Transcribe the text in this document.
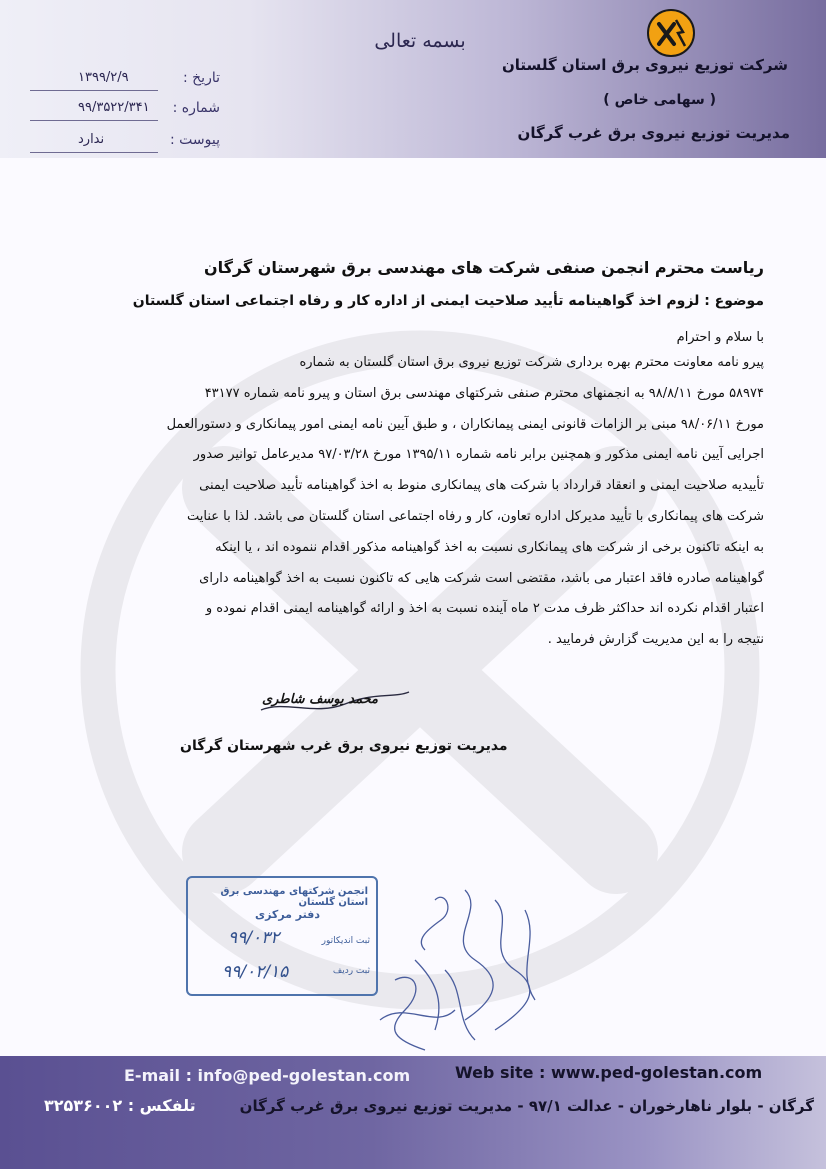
بسمه تعالی
شرکت توزیع نیروی برق استان گلستان
( سهامی خاص )
مدیریت توزیع نیروی برق غرب گرگان
تاریخ :
۱۳۹۹/۲/۹
شماره :
۹۹/۳۵۲۲/۳۴۱
پیوست :
ندارد
ریاست محترم انجمن صنفی شرکت های مهندسی برق شهرستان گرگان
موضوع : لزوم اخذ گواهینامه تأیید صلاحیت ایمنی از اداره کار و رفاه اجتماعی استان گلستان
با سلام و احترام
پیرو نامه معاونت محترم بهره برداری شرکت توزیع نیروی برق استان گلستان به شماره
۵۸۹۷۴ مورخ ۹۸/۸/۱۱ به انجمنهای محترم صنفی شرکتهای مهندسی برق استان و پیرو نامه شماره ۴۳۱۷۷
مورخ ۹۸/۰۶/۱۱ مبنی بر الزامات قانونی ایمنی پیمانکاران ، و طبق آیین نامه ایمنی امور پیمانکاری و دستورالعمل
اجرایی آیین نامه ایمنی مذکور و همچنین برابر نامه شماره ۱۳۹۵/۱۱ مورخ ۹۷/۰۳/۲۸ مدیرعامل توانیر صدور
تأییدیه صلاحیت ایمنی و انعقاد قرارداد با شرکت های پیمانکاری منوط به اخذ گواهینامه تأیید صلاحیت ایمنی
شرکت های پیمانکاری با تأیید مدیرکل اداره تعاون، کار و رفاه اجتماعی استان گلستان می باشد. لذا با عنایت
به اینکه تاکنون برخی از شرکت های پیمانکاری نسبت به اخذ گواهینامه مذکور اقدام ننموده اند ، یا اینکه
گواهینامه صادره فاقد اعتبار می باشد، مقتضی است شرکت هایی که تاکنون نسبت به اخذ گواهینامه دارای
اعتبار اقدام نکرده اند حداکثر ظرف مدت ۲ ماه آینده نسبت به اخذ و ارائه گواهینامه ایمنی اقدام نموده و
نتیجه را به این مدیریت گزارش فرمایید .
محمد یوسف شاطری
مدیریت توزیع نیروی برق غرب شهرستان گرگان
انجمن شرکتهای مهندسی برق استان گلستان
دفتر مرکزی
ثبت اندیکاتور
۹۹/۰۳۲
ثبت ردیف
۹۹/۰۲/۱۵
E-mail : info@ped-golestan.com	Web site : www.ped-golestan.com
تلفکس : ۳۲۵۳۶۰۰۲	گرگان - بلوار ناهارخوران - عدالت ۹۷/۱ - مدیریت توزیع نیروی برق غرب گرگان
